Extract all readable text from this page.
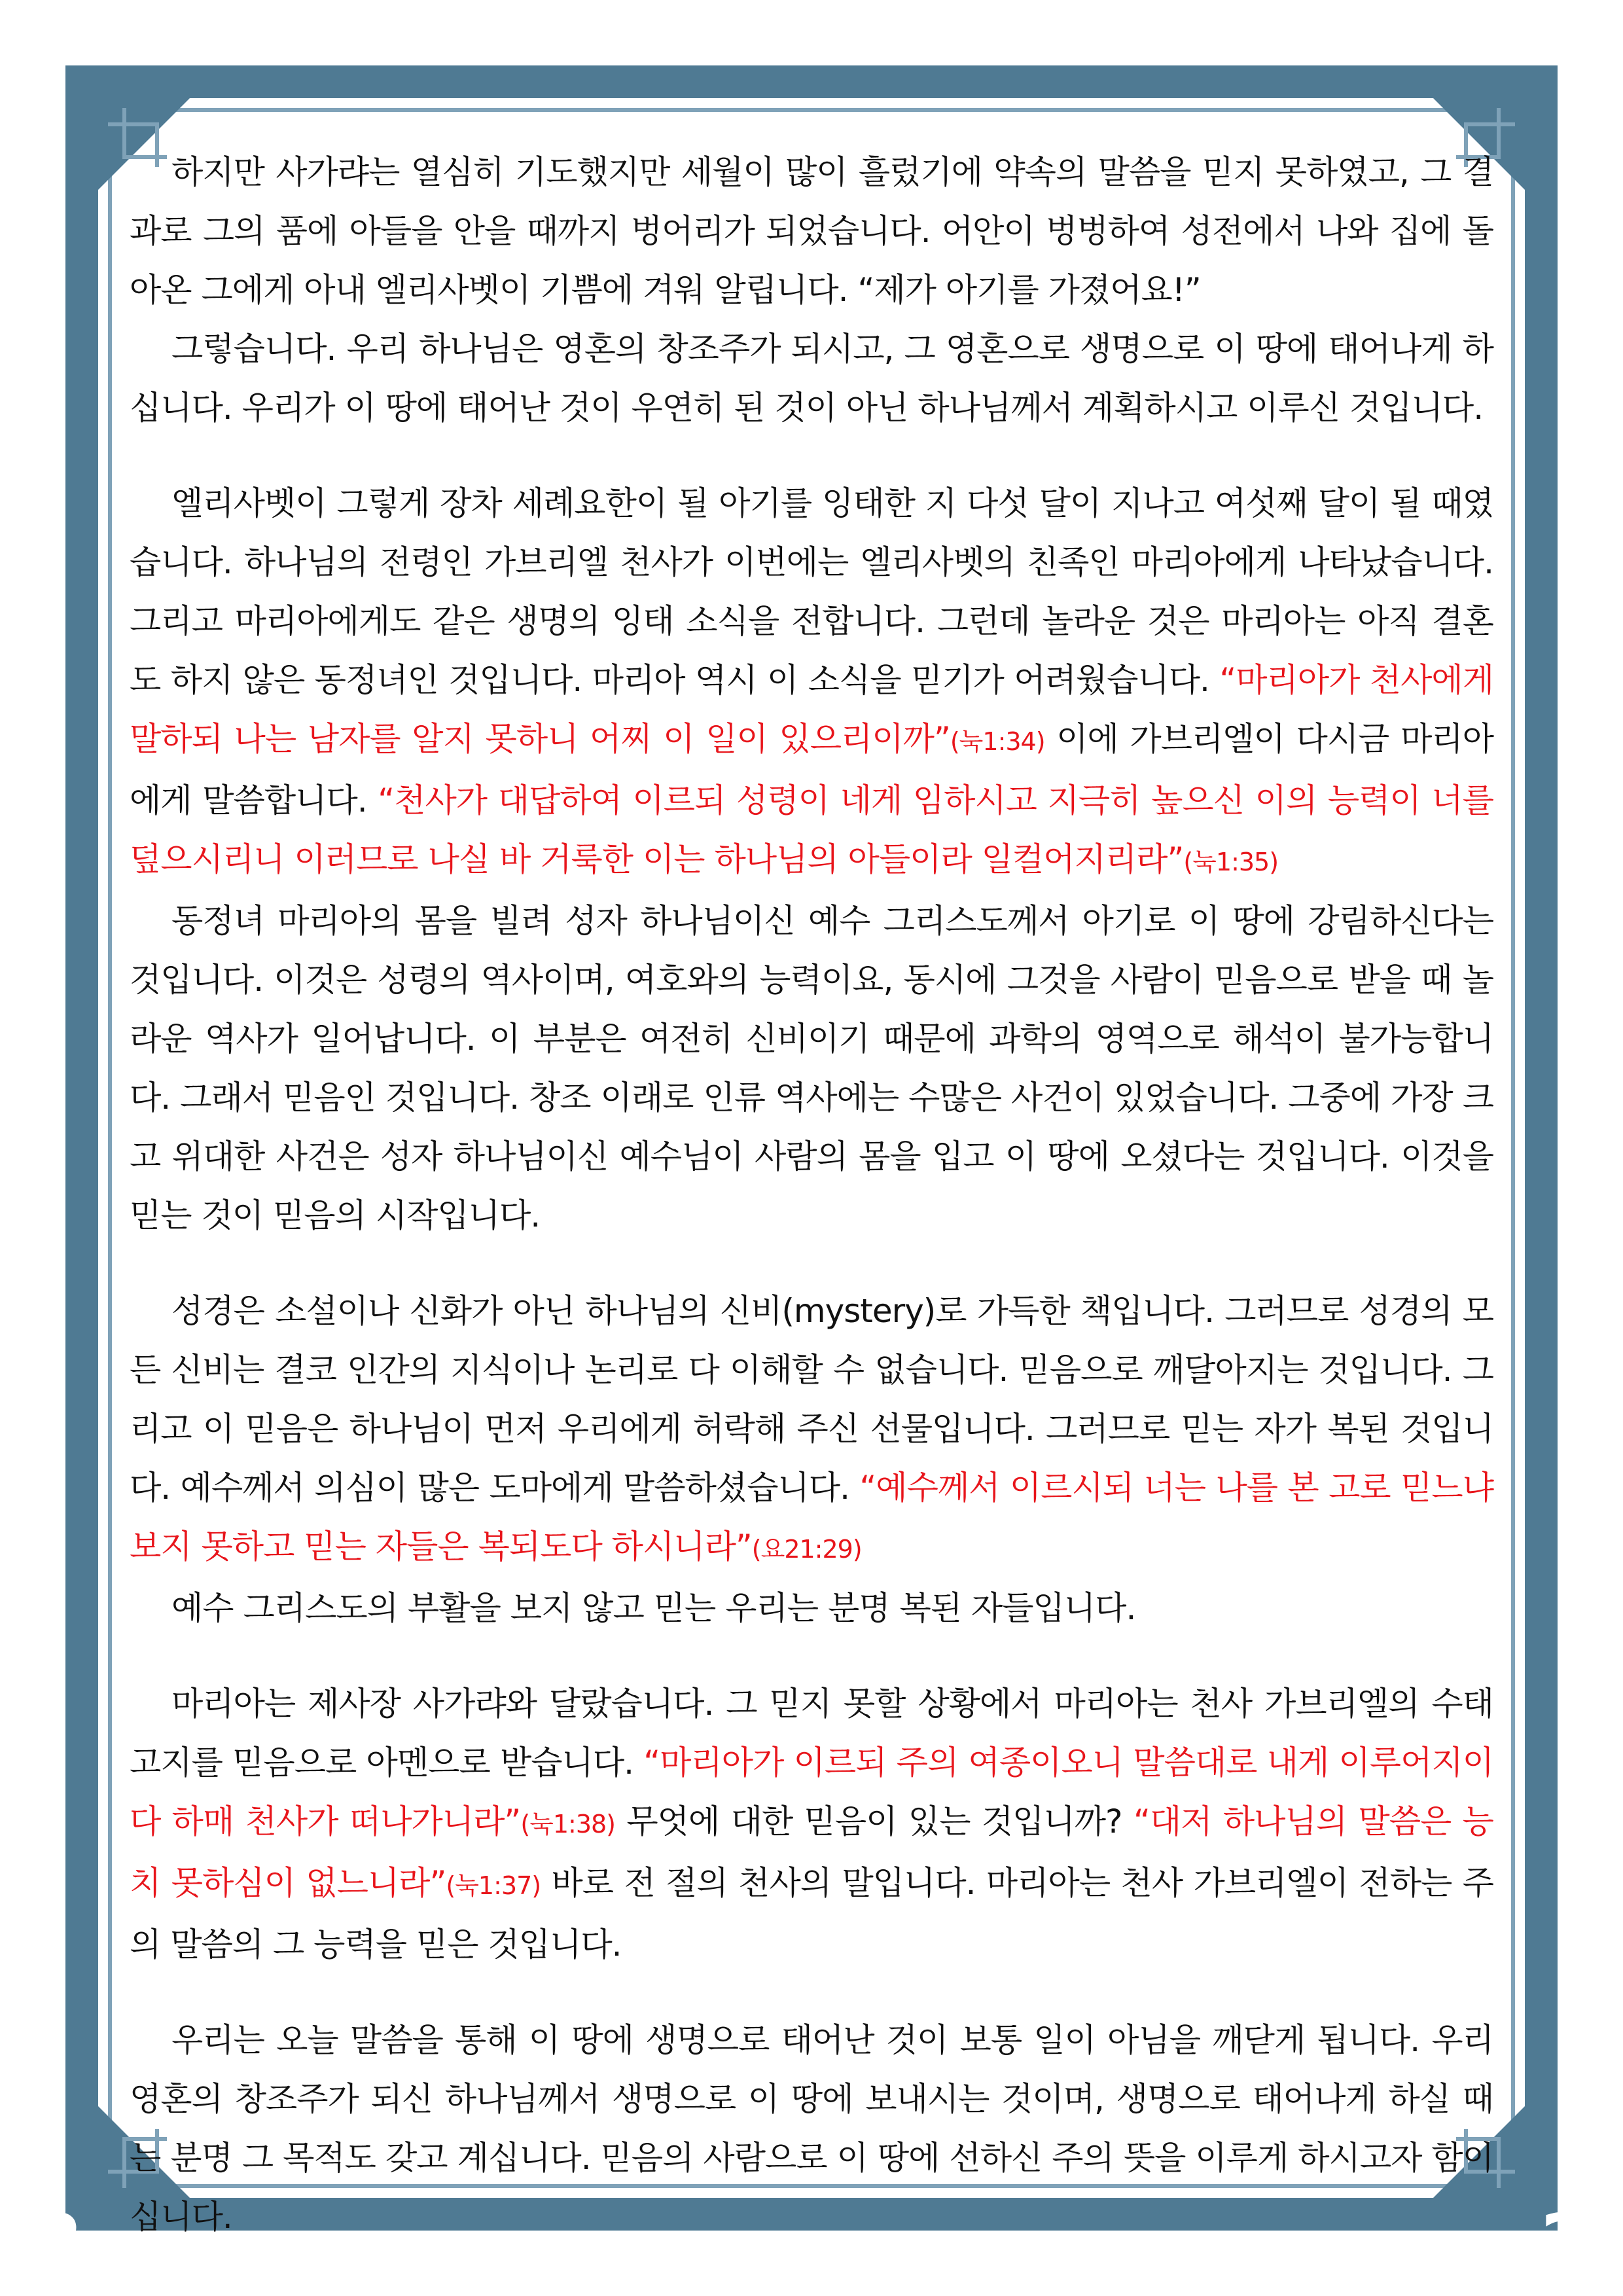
2	2

하지만 사가랴는 열심히 기도했지만 세월이 많이 흘렀기에 약속의 말씀을 믿지 못하였고, 그 결과로 그의 품에 아들을 안을 때까지 벙어리가 되었습니다. 어안이 벙벙하여 성전에서 나와 집에 돌아온 그에게 아내 엘리사벳이 기쁨에 겨워 알립니다. “제가 아기를 가졌어요!”

그렇습니다. 우리 하나님은 영혼의 창조주가 되시고, 그 영혼으로 생명으로 이 땅에 태어나게 하십니다. 우리가 이 땅에 태어난 것이 우연히 된 것이 아닌 하나님께서 계획하시고 이루신 것입니다.

엘리사벳이 그렇게 장차 세례요한이 될 아기를 잉태한 지 다섯 달이 지나고 여섯째 달이 될 때였습니다. 하나님의 전령인 가브리엘 천사가 이번에는 엘리사벳의 친족인 마리아에게 나타났습니다. 그리고 마리아에게도 같은 생명의 잉태 소식을 전합니다. 그런데 놀라운 것은 마리아는 아직 결혼도 하지 않은 동정녀인 것입니다. 마리아 역시 이 소식을 믿기가 어려웠습니다. “마리아가 천사에게 말하되 나는 남자를 알지 못하니 어찌 이 일이 있으리이까”(눅1:34) 이에 가브리엘이 다시금 마리아에게 말씀합니다. “천사가 대답하여 이르되 성령이 네게 임하시고 지극히 높으신 이의 능력이 너를 덮으시리니 이러므로 나실 바 거룩한 이는 하나님의 아들이라 일컬어지리라”(눅1:35)

동정녀 마리아의 몸을 빌려 성자 하나님이신 예수 그리스도께서 아기로 이 땅에 강림하신다는 것입니다. 이것은 성령의 역사이며, 여호와의 능력이요, 동시에 그것을 사람이 믿음으로 받을 때 놀라운 역사가 일어납니다. 이 부분은 여전히 신비이기 때문에 과학의 영역으로 해석이 불가능합니다. 그래서 믿음인 것입니다. 창조 이래로 인류 역사에는 수많은 사건이 있었습니다. 그중에 가장 크고 위대한 사건은 성자 하나님이신 예수님이 사람의 몸을 입고 이 땅에 오셨다는 것입니다. 이것을 믿는 것이 믿음의 시작입니다.

성경은 소설이나 신화가 아닌 하나님의 신비(mystery)로 가득한 책입니다. 그러므로 성경의 모든 신비는 결코 인간의 지식이나 논리로 다 이해할 수 없습니다. 믿음으로 깨달아지는 것입니다. 그리고 이 믿음은 하나님이 먼저 우리에게 허락해 주신 선물입니다. 그러므로 믿는 자가 복된 것입니다. 예수께서 의심이 많은 도마에게 말씀하셨습니다. “예수께서 이르시되 너는 나를 본 고로 믿느냐 보지 못하고 믿는 자들은 복되도다 하시니라”(요21:29)

예수 그리스도의 부활을 보지 않고 믿는 우리는 분명 복된 자들입니다.

마리아는 제사장 사가랴와 달랐습니다. 그 믿지 못할 상황에서 마리아는 천사 가브리엘의 수태고지를 믿음으로 아멘으로 받습니다. “마리아가 이르되 주의 여종이오니 말씀대로 내게 이루어지이다 하매 천사가 떠나가니라”(눅1:38) 무엇에 대한 믿음이 있는 것입니까? “대저 하나님의 말씀은 능치 못하심이 없느니라”(눅1:37) 바로 전 절의 천사의 말입니다. 마리아는 천사 가브리엘이 전하는 주의 말씀의 그 능력을 믿은 것입니다.

우리는 오늘 말씀을 통해 이 땅에 생명으로 태어난 것이 보통 일이 아님을 깨닫게 됩니다. 우리 영혼의 창조주가 되신 하나님께서 생명으로 이 땅에 보내시는 것이며, 생명으로 태어나게 하실 때는 분명 그 목적도 갖고 계십니다. 믿음의 사람으로 이 땅에 선하신 주의 뜻을 이루게 하시고자 함이십니다.
